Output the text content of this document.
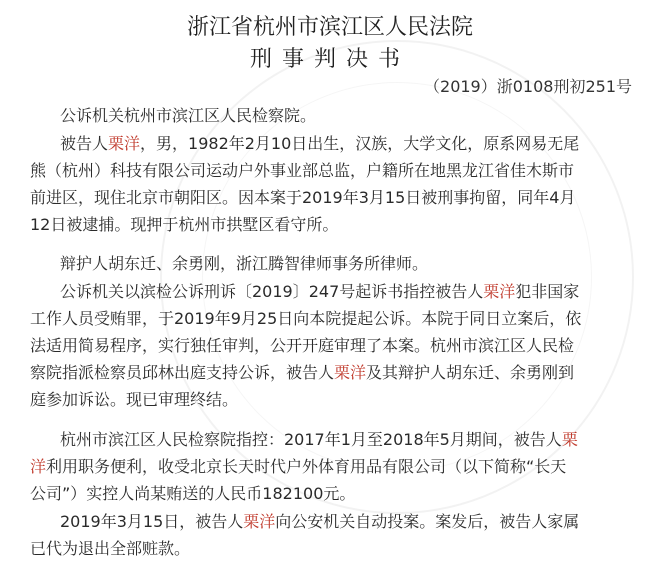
浙江省杭州市滨江区人民法院
刑事判决书
（2019）浙0108刑初251号
公诉机关杭州市滨江区人民检察院。
被告人栗洋，男，1982年2月10日出生，汉族，大学文化，原系网易无尾
熊（杭州）科技有限公司运动户外事业部总监，户籍所在地黑龙江省佳木斯市
前进区，现住北京市朝阳区。因本案于2019年3月15日被刑事拘留，同年4月
12日被逮捕。现押于杭州市拱墅区看守所。
辩护人胡东迁、余勇刚，浙江腾智律师事务所律师。
公诉机关以滨检公诉刑诉〔2019〕247号起诉书指控被告人栗洋犯非国家
工作人员受贿罪，于2019年9月25日向本院提起公诉。本院于同日立案后，依
法适用简易程序，实行独任审判，公开开庭审理了本案。杭州市滨江区人民检
察院指派检察员邱林出庭支持公诉，被告人栗洋及其辩护人胡东迁、余勇刚到
庭参加诉讼。现已审理终结。
杭州市滨江区人民检察院指控：2017年1月至2018年5月期间，被告人栗
洋利用职务便利，收受北京长天时代户外体育用品有限公司（以下简称“长天
公司”）实控人尚某贿送的人民币182100元。
2019年3月15日，被告人栗洋向公安机关自动投案。案发后，被告人家属
已代为退出全部赃款。
